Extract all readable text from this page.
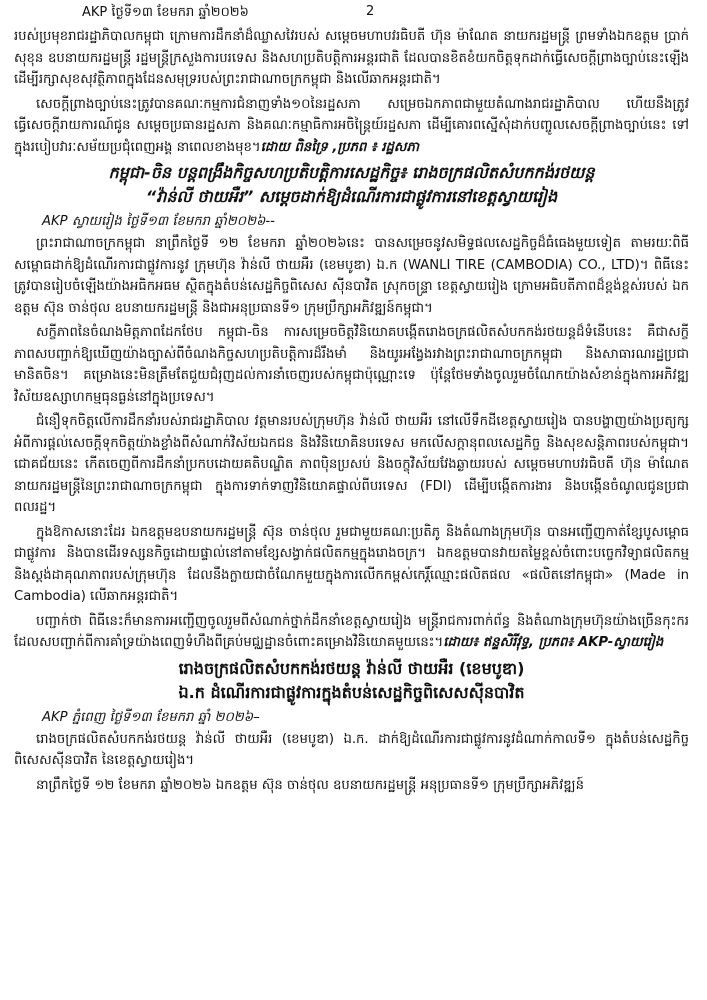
AKP ថ្ងៃទី១៣ ខែមករា ឆ្នាំ២០២៦	2

របស់ប្រមុខរាជរដ្ឋាភិបាលកម្ពុជា ក្រោមការដឹកនាំដ៏ឈ្លាសវៃរបស់ សម្ដេចមហាបវរធិបតី ហ៊ុន ម៉ាណែត នាយករដ្ឋមន្ត្រី ព្រមទាំងឯកឧត្តម ប្រាក់ សុខុន ឧបនាយករដ្ឋមន្ត្រី រដ្ឋមន្ត្រីក្រសួងការបរទេស និងសហប្រតិបត្តិការអន្តរជាតិ ដែលបានខិតខំយកចិត្តទុកដាក់ធ្វើសេចក្តីព្រាងច្បាប់នេះឡើង ដើម្បីរក្សាសុខសុវត្ថិភាពក្នុងដែនសមុទ្ររបស់ព្រះរាជាណាចក្រកម្ពុជា និងលើឆាកអន្តរជាតិ។

សេចក្តីព្រាងច្បាប់នេះត្រូវបានគណៈកម្មការជំនាញទាំង១០នៃរដ្ឋសភា សម្រេចឯកភាពជាមួយតំណាងរាជរដ្ឋាភិបាល ហើយនឹងត្រូវធ្វើសេចក្តីរាយការណ៍ជូន សម្ដេចប្រធានរដ្ឋសភា និងគណៈកម្មាធិការអចិន្ត្រៃយ៍រដ្ឋសភា ដើម្បីគោរពស្នើសុំដាក់បញ្ចូលសេចក្តីព្រាងច្បាប់នេះ ទៅក្នុងរបៀបវារៈសម័យប្រជុំពេញអង្គ នាពេលខាងមុខ។ដោយ ពិនទ្រៃ ,ប្រភព ៖ រដ្ឋសភា

កម្ពុជា-ចិន បន្តពង្រឹងកិច្ចសហប្រតិបត្តិការសេដ្ឋកិច្ច៖ រោងចក្រផលិតសំបកកង់រថយន្ត
“វ៉ាន់លី ថាយអឺរ” សម្ដេចដាក់ឱ្យដំណើរការជាផ្លូវការនៅខេត្តស្វាយរៀង
AKP ស្វាយរៀង ថ្ងៃទី១៣ ខែមករា ឆ្នាំ២០២៦--

ព្រះរាជាណាចក្រកម្ពុជា នាព្រឹកថ្ងៃទី ១២ ខែមករា ឆ្នាំ២០២៦នេះ បានសម្រេចនូវសមិទ្ធផលសេដ្ឋកិច្ចដ៏ធំធេងមួយទៀត តាមរយៈពិធីសម្ពោធដាក់ឱ្យដំណើរការជាផ្លូវការនូវ ក្រុមហ៊ុន វ៉ាន់លី ថាយអឺរ (ខេមបូឌា) ឯ.ក (WANLI TIRE (CAMBODIA) CO., LTD)។ ពិធីនេះត្រូវបានរៀបចំឡើងយ៉ាងអធិកអធម ស្ថិតក្នុងតំបន់សេដ្ឋកិច្ចពិសេស ស៊ីនបាវិត ស្រុកចន្ទ្រា ខេត្តស្វាយរៀង ក្រោមអធិបតីភាពដ៏ខ្ពង់ខ្ពស់របស់ ឯកឧត្តម ស៊ុន ចាន់ថុល ឧបនាយករដ្ឋមន្ត្រី និងជាអនុប្រធានទី១ ក្រុមប្រឹក្សាអភិវឌ្ឍន៍កម្ពុជា។

សក្ខីភាពនៃចំណងមិត្តភាពដែកថែប កម្ពុជា-ចិន ការសម្រេចចិត្តវិនិយោគបង្កើតរោងចក្រផលិតសំបកកង់រថយន្តដ៏ទំនើបនេះ គឺជាសក្ខីភាពសបញ្ជាក់ឱ្យឃើញយ៉ាងច្បាស់ពីចំណងកិច្ចសហប្រតិបត្តិការដ៏រឹងមាំ និងយូរអង្វែងរវាងព្រះរាជាណាចក្រកម្ពុជា និងសាធារណរដ្ឋប្រជាមានិតចិន។ គម្រោងនេះមិនត្រឹមតែជួយជំរុញដល់ការនាំចេញរបស់កម្ពុជាប៉ុណ្ណោះទេ ប៉ុន្តែថែមទាំងចូលរួមចំណែកយ៉ាងសំខាន់ក្នុងការអភិវឌ្ឍវិស័យឧស្សាហកម្មធុនធ្ងន់នៅក្នុងប្រទេស។

ជំនឿទុកចិត្តលើការដឹកនាំរបស់រាជរដ្ឋាភិបាល វត្តមានរបស់ក្រុមហ៊ុន វ៉ាន់លី ថាយអឺរ នៅលើទឹកដីខេត្តស្វាយរៀង បានបង្ហាញយ៉ាងប្រត្យក្សអំពីការផ្តល់សេចក្តីទុកចិត្តយ៉ាងខ្លាំងពីសំណាក់វិស័យឯកជន និងវិនិយោគិនបរទេស មកលើសក្តានុពលសេដ្ឋកិច្ច និងសុខសន្តិភាពរបស់កម្ពុជា។ ជោគជ័យនេះ កើតចេញពីការដឹកនាំប្រកបដោយគតិបណ្ឌិត ភាពប៉ិនប្រសប់ និងចក្ខុវិស័យវែងឆ្ងាយរបស់ សម្ដេចមហាបវរធិបតី ហ៊ុន ម៉ាណែត នាយករដ្ឋមន្ត្រីនៃព្រះរាជាណាចក្រកម្ពុជា ក្នុងការទាក់ទាញវិនិយោគផ្ទាល់ពីបរទេស (FDI) ដើម្បីបង្កើតការងារ និងបង្កើនចំណូលជូនប្រជាពលរដ្ឋ។

ក្នុងឱកាសនោះដែរ ឯកឧត្តមឧបនាយករដ្ឋមន្ត្រី ស៊ុន ចាន់ថុល រួមជាមួយគណៈប្រតិភូ និងតំណាងក្រុមហ៊ុន បានអញ្ជើញកាត់ខ្សែបូសម្ពោធជាផ្លូវការ និងបានដើរទស្សនកិច្ចដោយផ្ទាល់នៅតាមខ្សែសង្វាក់ផលិតកម្មក្នុងរោងចក្រ។ ឯកឧត្តមបានវាយតម្លៃខ្ពស់ចំពោះបច្ចេកវិទ្យាផលិតកម្ម និងស្តង់ដាគុណភាពរបស់ក្រុមហ៊ុន ដែលនឹងក្លាយជាចំណែកមួយក្នុងការលើកកម្ពស់កេរ្តិ៍ឈ្មោះផលិតផល «ផលិតនៅកម្ពុជា» (Made in Cambodia) លើឆាកអន្តរជាតិ។

បញ្ជាក់ថា ពិធីនេះក៏មានការអញ្ជើញចូលរួមពីសំណាក់ថ្នាក់ដឹកនាំខេត្តស្វាយរៀង មន្ត្រីរាជការពាក់ព័ន្ធ និងតំណាងក្រុមហ៊ុនយ៉ាងច្រើនកុះករ ដែលសបញ្ជាក់ពីការគាំទ្រយ៉ាងពេញទំហឹងពីគ្រប់មជ្ឈដ្ឋានចំពោះគម្រោងវិនិយោគមួយនេះ។ដោយ៖ ឥន្ទសិរីវុទ្ធ, ប្រភព៖ AKP-ស្វាយរៀង

រោងចក្រផលិតសំបកកង់រថយន្ត វ៉ាន់លី ថាយអឺរ (ខេមបូឌា)
ឯ.ក ដំណើរការជាផ្លូវការក្នុងតំបន់សេដ្ឋកិច្ចពិសេសស៊ីនបាវិត
AKP ភ្នំពេញ ថ្ងៃទី១៣ ខែមករា ឆ្នាំ ២០២៦–

រោងចក្រផលិតសំបកកង់រថយន្ត វ៉ាន់លី ថាយអឺរ (ខេមបូឌា) ឯ.ក. ដាក់ឱ្យដំណើរការជាផ្លូវការនូវដំណាក់កាលទី១ ក្នុងតំបន់សេដ្ឋកិច្ចពិសេសស៊ីនបាវិត នៃខេត្តស្វាយរៀង។

នាព្រឹកថ្ងៃទី ១២ ខែមករា ឆ្នាំ២០២៦ ឯកឧត្តម ស៊ុន ចាន់ថុល ឧបនាយករដ្ឋមន្ត្រី អនុប្រធានទី១ ក្រុមប្រឹក្សាអភិវឌ្ឍន៍
